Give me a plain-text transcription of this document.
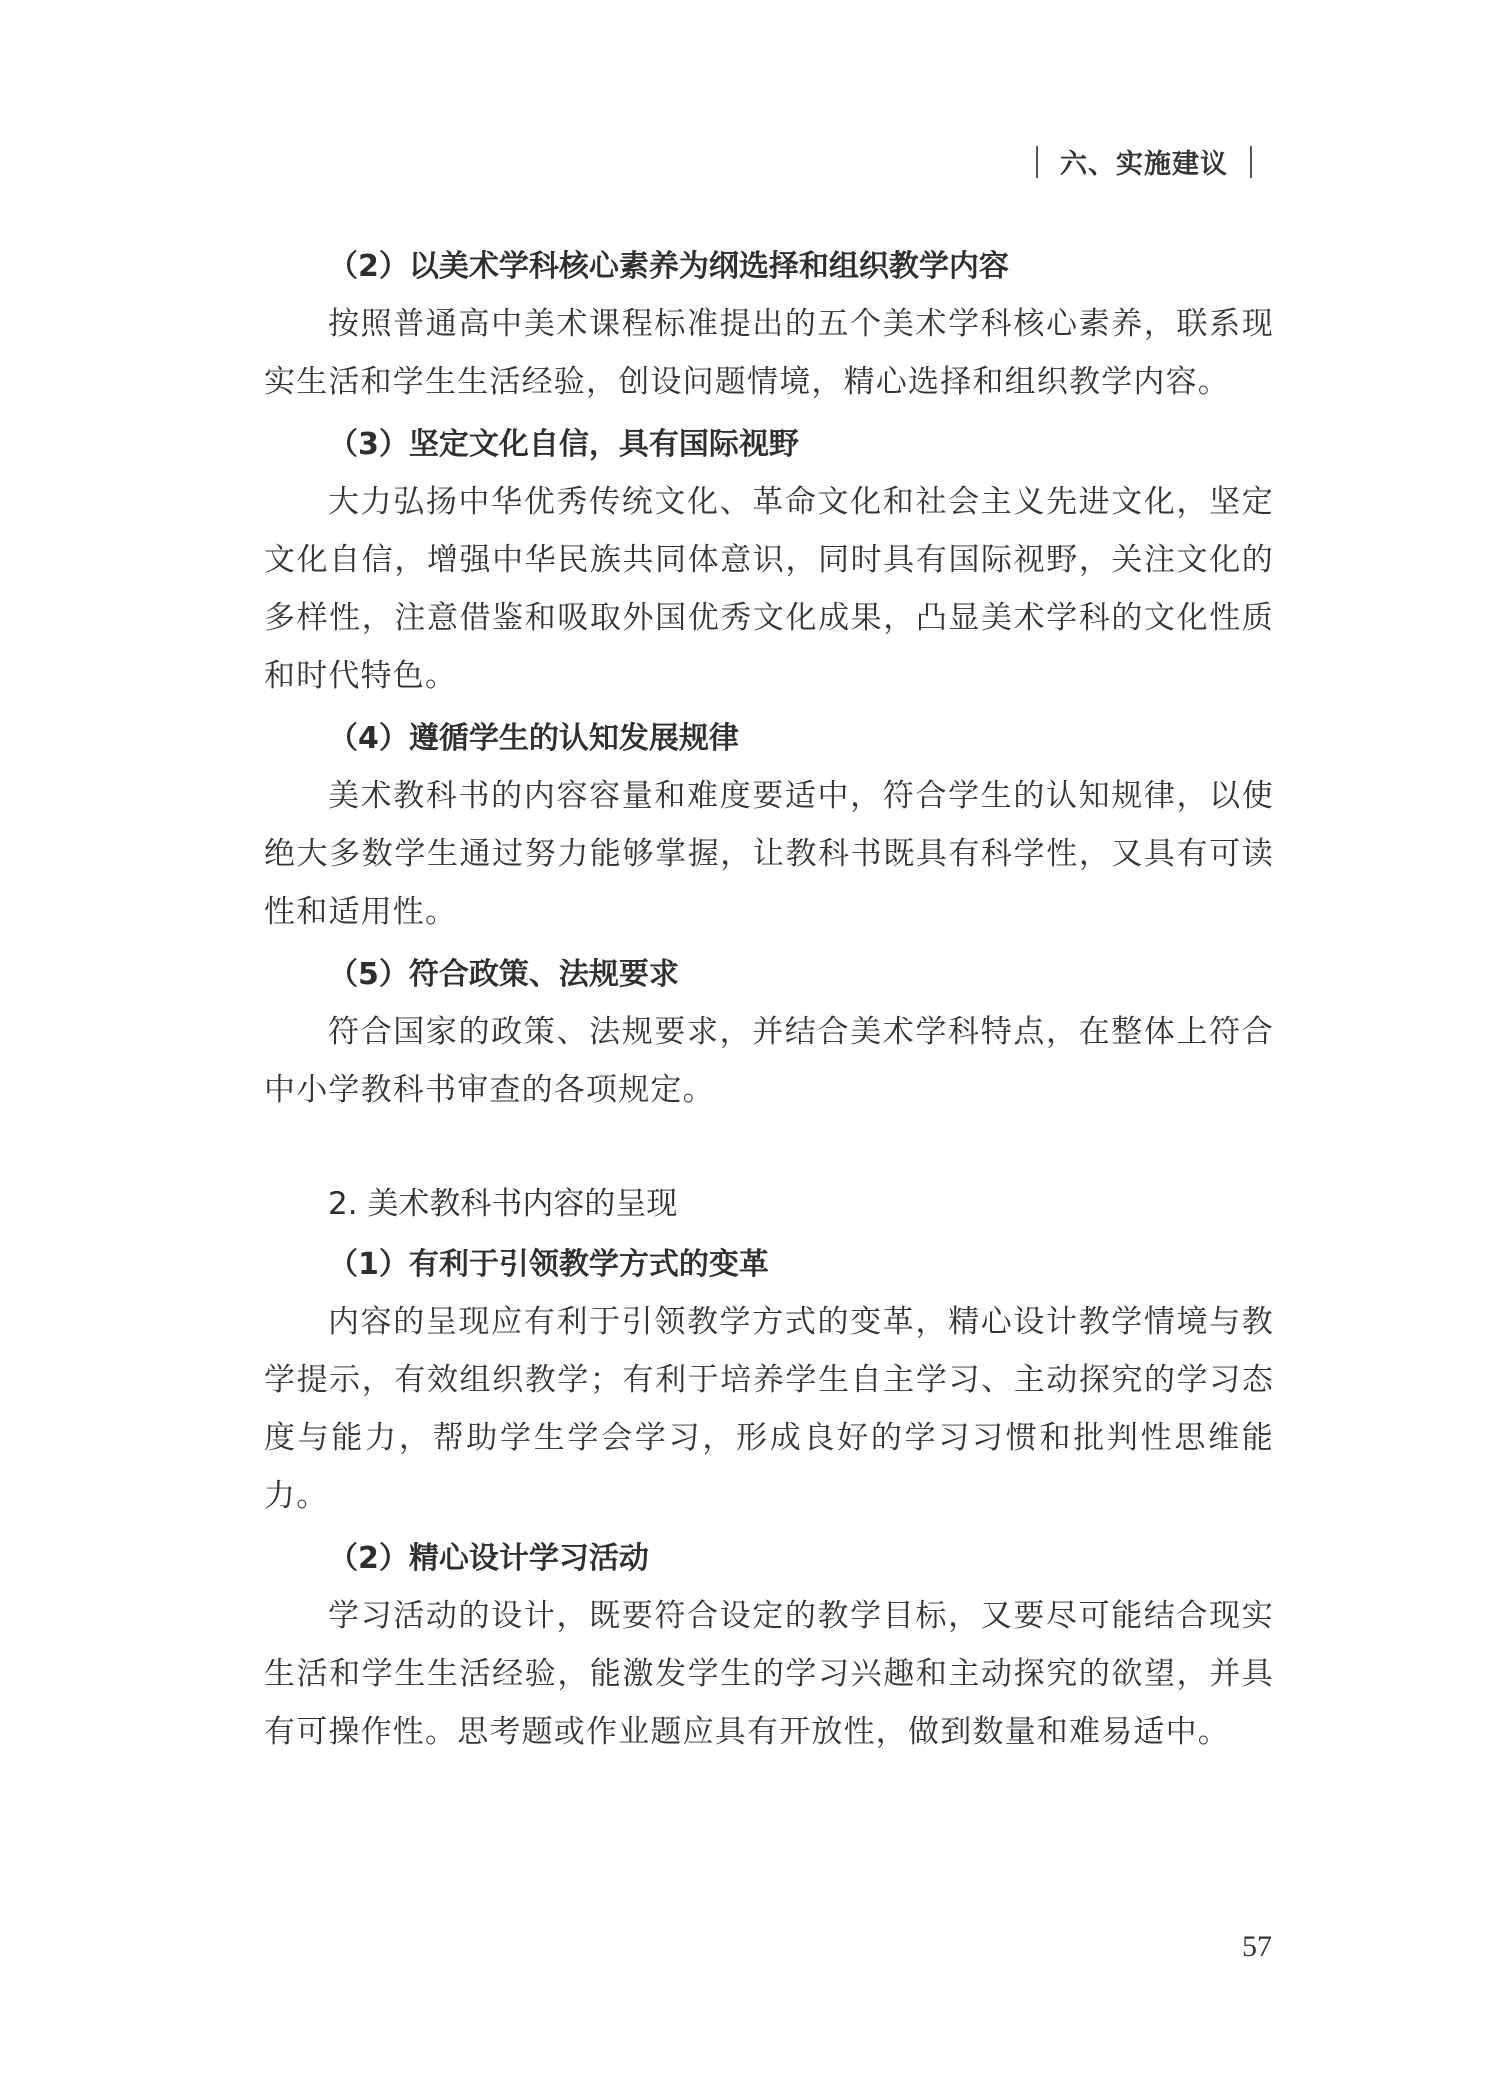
六、实施建议
（2）以美术学科核心素养为纲选择和组织教学内容

按照普通高中美术课程标准提出的五个美术学科核心素养，联系现实生活和学生生活经验，创设问题情境，精心选择和组织教学内容。

（3）坚定文化自信，具有国际视野

大力弘扬中华优秀传统文化、革命文化和社会主义先进文化，坚定文化自信，增强中华民族共同体意识，同时具有国际视野，关注文化的多样性，注意借鉴和吸取外国优秀文化成果，凸显美术学科的文化性质和时代特色。

（4）遵循学生的认知发展规律

美术教科书的内容容量和难度要适中，符合学生的认知规律，以使绝大多数学生通过努力能够掌握，让教科书既具有科学性，又具有可读性和适用性。

（5）符合政策、法规要求

符合国家的政策、法规要求，并结合美术学科特点，在整体上符合中小学教科书审查的各项规定。

2. 美术教科书内容的呈现
（1）有利于引领教学方式的变革

内容的呈现应有利于引领教学方式的变革，精心设计教学情境与教学提示，有效组织教学；有利于培养学生自主学习、主动探究的学习态度与能力，帮助学生学会学习，形成良好的学习习惯和批判性思维能力。

（2）精心设计学习活动

学习活动的设计，既要符合设定的教学目标，又要尽可能结合现实生活和学生生活经验，能激发学生的学习兴趣和主动探究的欲望，并具有可操作性。思考题或作业题应具有开放性，做到数量和难易适中。

57
